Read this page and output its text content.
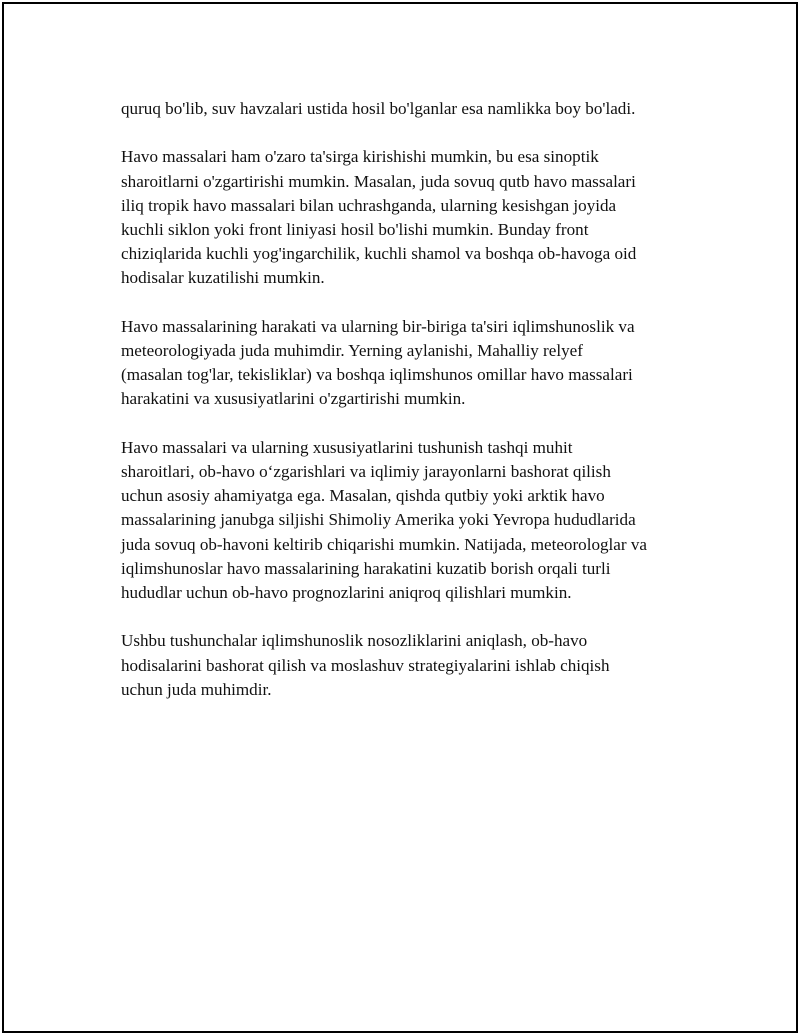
quruq bo'lib, suv havzalari ustida hosil bo'lganlar esa namlikka boy bo'ladi.

Havo massalari ham o'zaro ta'sirga kirishishi mumkin, bu esa sinoptik
sharoitlarni o'zgartirishi mumkin. Masalan, juda sovuq qutb havo massalari
iliq tropik havo massalari bilan uchrashganda, ularning kesishgan joyida
kuchli siklon yoki front liniyasi hosil bo'lishi mumkin. Bunday front
chiziqlarida kuchli yog'ingarchilik, kuchli shamol va boshqa ob-havoga oid
hodisalar kuzatilishi mumkin.

Havo massalarining harakati va ularning bir-biriga ta'siri iqlimshunoslik va
meteorologiyada juda muhimdir. Yerning aylanishi, Mahalliy relyef
(masalan tog'lar, tekisliklar) va boshqa iqlimshunos omillar havo massalari
harakatini va xususiyatlarini o'zgartirishi mumkin.

Havo massalari va ularning xususiyatlarini tushunish tashqi muhit
sharoitlari, ob-havo o‘zgarishlari va iqlimiy jarayonlarni bashorat qilish
uchun asosiy ahamiyatga ega. Masalan, qishda qutbiy yoki arktik havo
massalarining janubga siljishi Shimoliy Amerika yoki Yevropa hududlarida
juda sovuq ob-havoni keltirib chiqarishi mumkin. Natijada, meteorologlar va
iqlimshunoslar havo massalarining harakatini kuzatib borish orqali turli
hududlar uchun ob-havo prognozlarini aniqroq qilishlari mumkin.

Ushbu tushunchalar iqlimshunoslik nosozliklarini aniqlash, ob-havo
hodisalarini bashorat qilish va moslashuv strategiyalarini ishlab chiqish
uchun juda muhimdir.
